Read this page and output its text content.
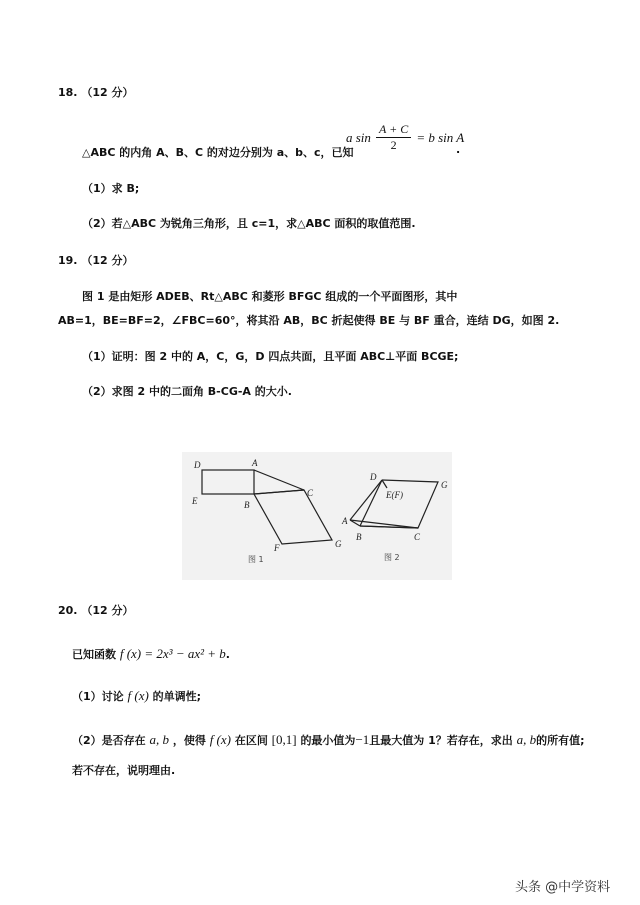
18. （12 分）
△ABC 的内角 A、B、C 的对边分别为 a、b、c，已知
a $\sin \frac{A + C}{2} = b$ sin A
.
（1）求 B;
（2）若△ABC 为锐角三角形，且 c=1，求△ABC 面积的取值范围.
19. （12 分）
图 1 是由矩形 ADEB、Rt△ABC 和菱形 BFGC 组成的一个平面图形，其中
AB=1，BE=BF=2，∠FBC=60°，将其沿 AB，BC 折起使得 BE 与 BF 重合，连结 DG，如图 2.
（1）证明：图 2 中的 A，C，G，D 四点共面，且平面 ABC⊥平面 BCGE;
（2）求图 2 中的二面角 B-CG-A 的大小.
D	A
E	B
C
F	G
图 1
D
E(F)
G
A
B	C
图 2
20. （12 分）
已知函数 f (x) = 2x³ − ax² + b.
（1）讨论 f (x) 的单调性;
（2）是否存在 a, b ，使得 f (x) 在区间 [0,1] 的最小值为−1且最大值为 1？若存在，求出 a, b的所有值;
若不存在，说明理由.
头条 @中学资料
